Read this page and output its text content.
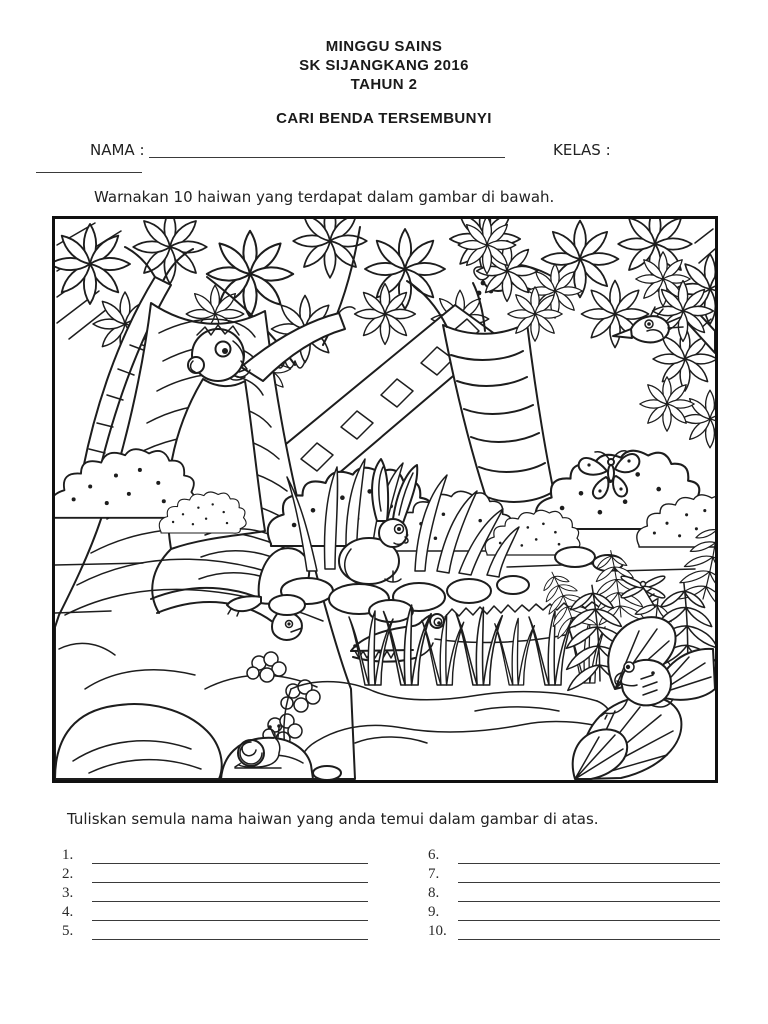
MINGGU SAINS
SK SIJANGKANG 2016
TAHUN 2
CARI BENDA TERSEMBUNYI
NAMA :	KELAS :
Warnakan 10 haiwan yang terdapat dalam gambar di bawah.
Tuliskan semula nama haiwan yang anda temui dalam gambar di atas.
1.
2.
3.
4.
5.
6.
7.
8.
9.
10.
